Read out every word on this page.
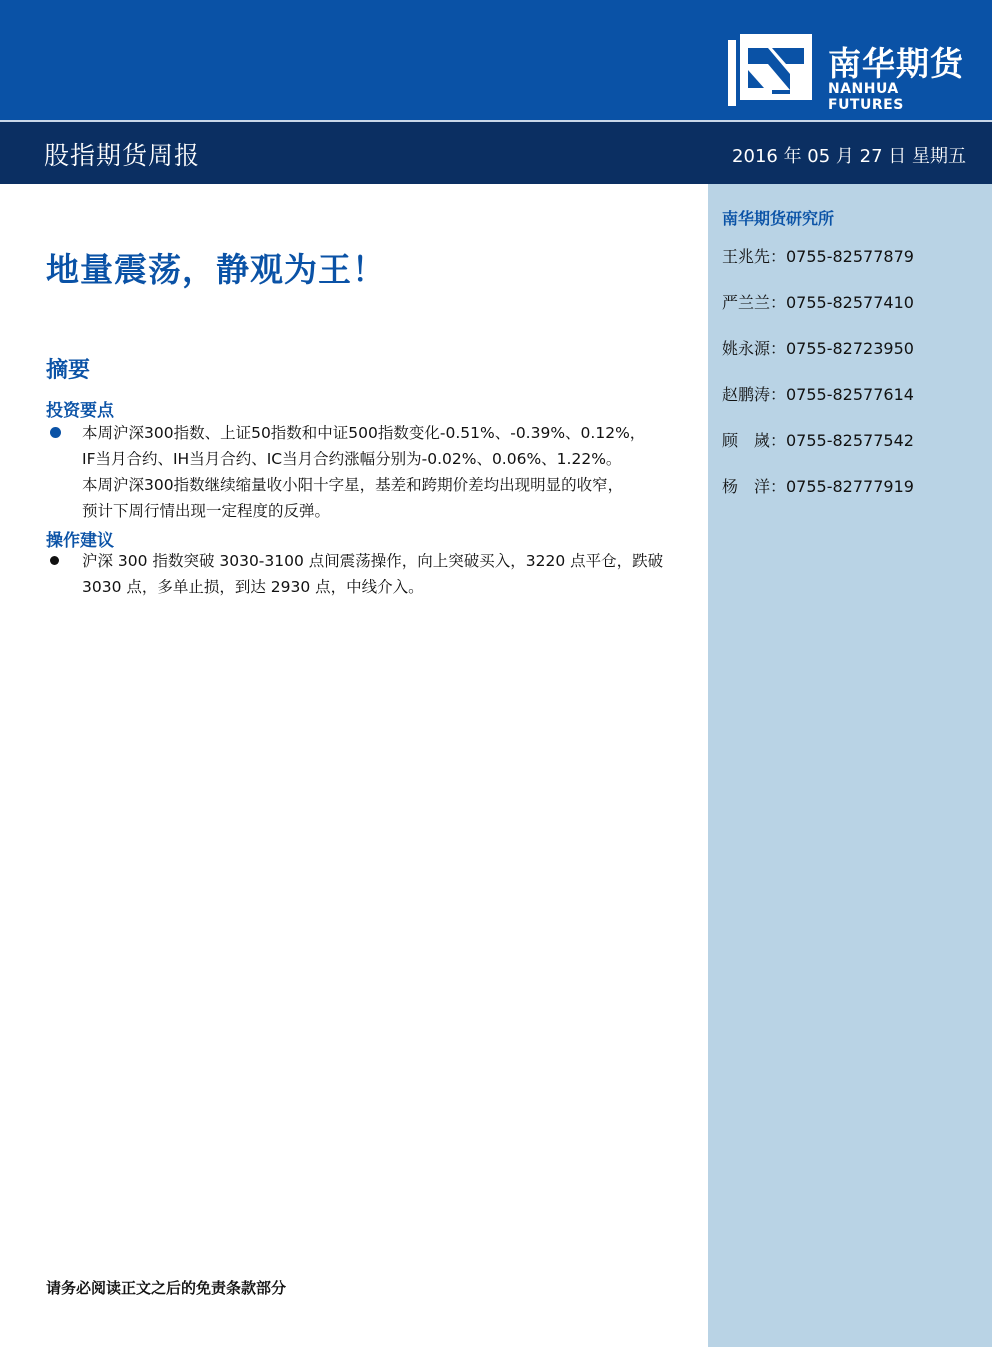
南华期货
NANHUA FUTURES
股指期货周报	2016 年 05 月 27 日 星期五
南华期货研究所
王兆先：0755-82577879
严兰兰：0755-82577410
姚永源：0755-82723950
赵鹏涛：0755-82577614
顾　嵗：0755-82577542
杨　洋：0755-82777919
地量震荡，静观为王！
摘要
投资要点
本周沪深300指数、上证50指数和中证500指数变化-0.51%、-0.39%、0.12%，
IF当月合约、IH当月合约、IC当月合约涨幅分别为-0.02%、0.06%、1.22%。
本周沪深300指数继续缩量收小阳十字星，基差和跨期价差均出现明显的收窄，
预计下周行情出现一定程度的反弹。
操作建议
沪深 300 指数突破 3030-3100 点间震荡操作，向上突破买入，3220 点平仓，跌破
3030 点，多单止损，到达 2930 点，中线介入。
请务必阅读正文之后的免责条款部分
